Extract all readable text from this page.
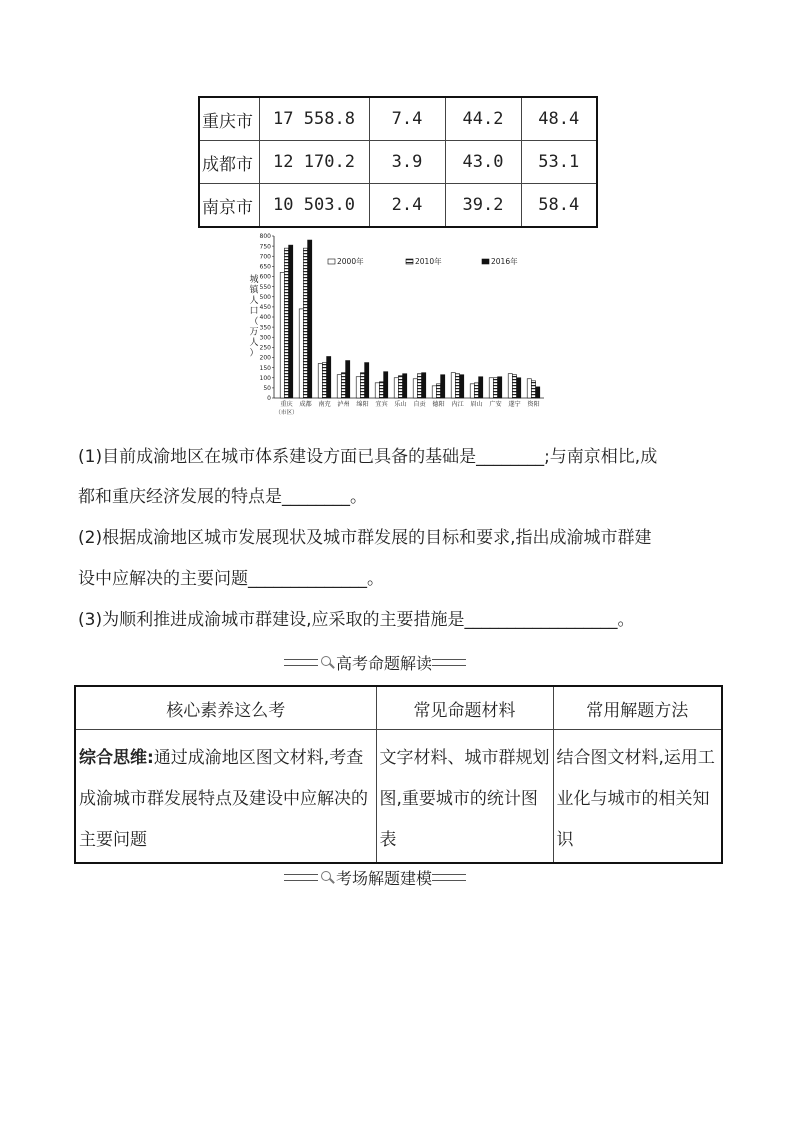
重庆市	17 558.8	7.4	44.2	48.4
成都市	12 170.2	3.9	43.0	53.1
南京市	10 503.0	2.4	39.2	58.4
0
50
100
150
200
250
300
350
400
450
500
550
600
650
700
750
800
城镇人口（万人）
重庆
（市区）
成都 南充 泸州 绵阳 宜宾 乐山 自贡 德阳 内江 眉山 广安 遂宁 资阳
2000年	2010年	2016年
(1)目前成渝地区在城市体系建设方面已具备的基础是________;与南京相比,成
都和重庆经济发展的特点是________。
(2)根据成渝地区城市发展现状及城市群发展的目标和要求,指出成渝城市群建
设中应解决的主要问题______________。
(3)为顺利推进成渝城市群建设,应采取的主要措施是__________________。
高考命题解读
核心素养这么考	常见命题材料	常用解题方法
综合思维:通过成渝地区图文材料,考查成渝城市群发展特点及建设中应解决的主要问题	文字材料、城市群规划图,重要城市的统计图表	结合图文材料,运用工业化与城市的相关知识
考场解题建模
